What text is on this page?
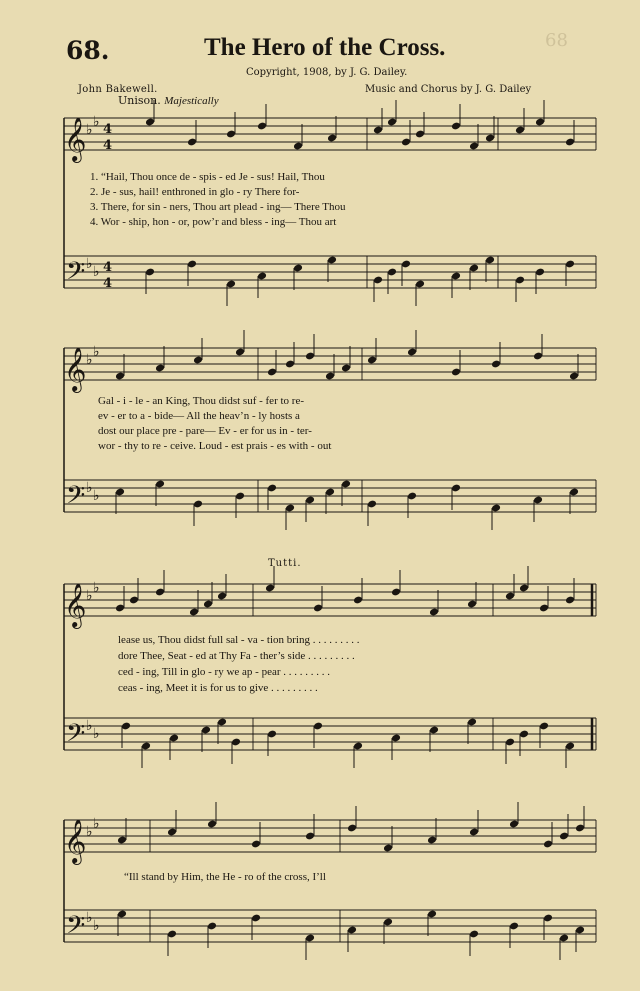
68
68.	The Hero of the Cross.
Copyright, 1908, by J. G. Dailey.
John Bakewell.	Music and Chorus by J. G. Dailey
Unison. Majestically
Tutti.
1. “Hail, Thou once de - spis - ed Je - sus! Hail, Thou
2. Je - sus, hail! enthroned in glo - ry There for-
3. There, for sin - ners, Thou art plead - ing— There Thou
4. Wor - ship, hon - or, pow’r and bless - ing— Thou art
Gal - i - le - an King, Thou didst suf - fer to re-
ev - er to a - bide— All the heav’n - ly hosts a
dost our place pre - pare— Ev - er for us in - ter-
wor - thy to re - ceive. Loud - est prais - es with - out
lease us, Thou didst full sal - va - tion bring . . . . . . . . .
dore Thee, Seat - ed at Thy Fa - ther’s side . . . . . . . . .
ced - ing, Till in glo - ry we ap - pear . . . . . . . . .
ceas - ing, Meet it is for us to give . . . . . . . . .
“Ill stand by Him, the He - ro of the cross, I’ll
𝄞
𝄢
♭ ♭
♭ ♭
4
4
4
4
𝄞
𝄢
♭ ♭
♭ ♭
𝄞
𝄢
♭ ♭
♭ ♭
𝄞
𝄢
♭ ♭
♭ ♭
